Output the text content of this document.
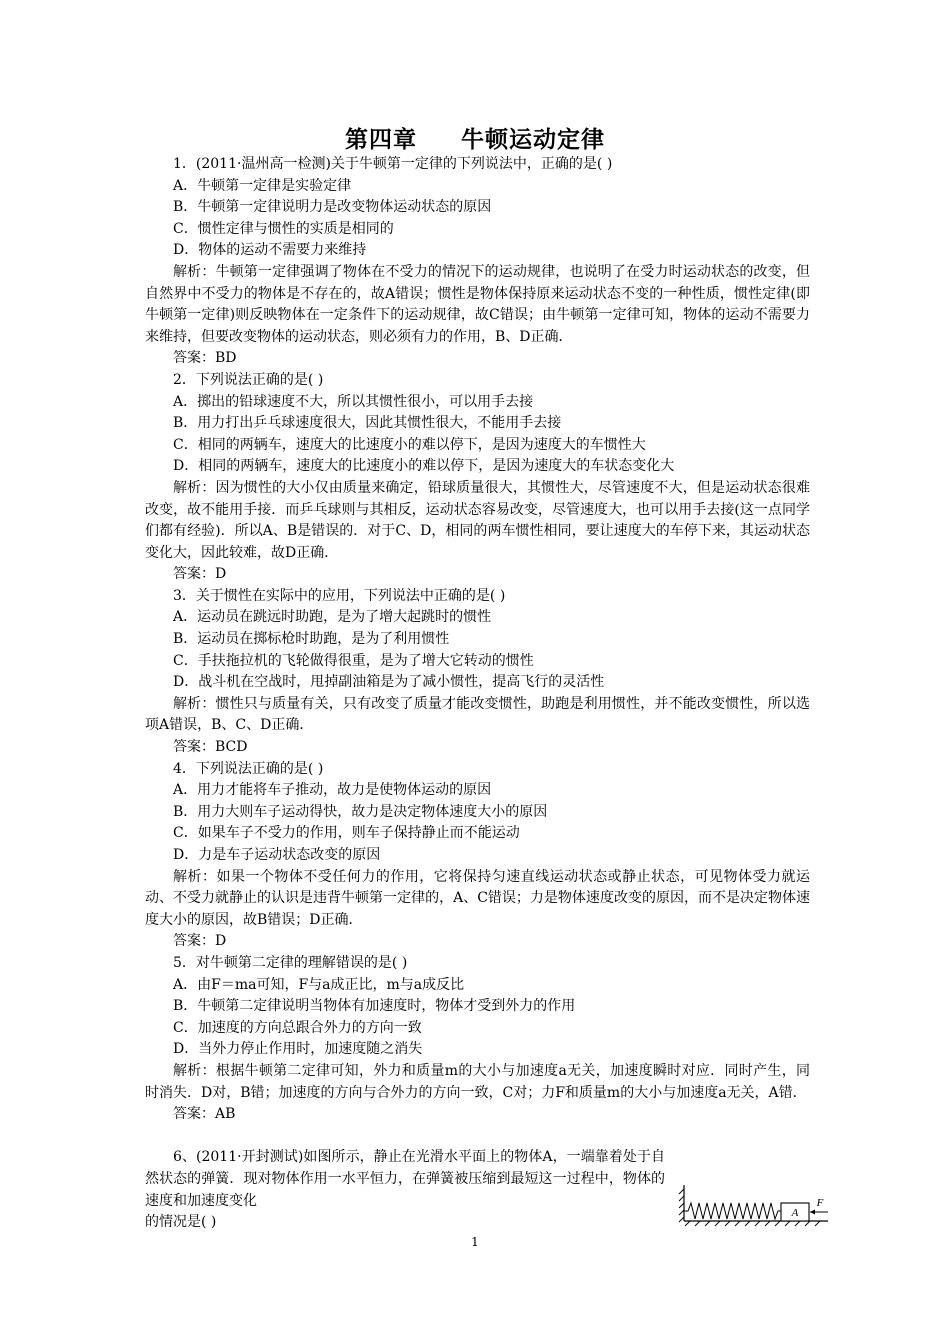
第四章 牛顿运动定律

1．(2011·温州高一检测)关于牛顿第一定律的下列说法中，正确的是( )

A．牛顿第一定律是实验定律

B．牛顿第一定律说明力是改变物体运动状态的原因

C．惯性定律与惯性的实质是相同的

D．物体的运动不需要力来维持

解析：牛顿第一定律强调了物体在不受力的情况下的运动规律，也说明了在受力时运动状态的改变，但自然界中不受力的物体是不存在的，故A错误；惯性是物体保持原来运动状态不变的一种性质，惯性定律(即牛顿第一定律)则反映物体在一定条件下的运动规律，故C错误；由牛顿第一定律可知，物体的运动不需要力来维持，但要改变物体的运动状态，则必须有力的作用，B、D正确．

答案：BD

2．下列说法正确的是( )

A．掷出的铅球速度不大，所以其惯性很小，可以用手去接

B．用力打出乒乓球速度很大，因此其惯性很大，不能用手去接

C．相同的两辆车，速度大的比速度小的难以停下，是因为速度大的车惯性大

D．相同的两辆车，速度大的比速度小的难以停下，是因为速度大的车状态变化大

解析：因为惯性的大小仅由质量来确定，铅球质量很大，其惯性大，尽管速度不大，但是运动状态很难改变，故不能用手接．而乒乓球则与其相反，运动状态容易改变，尽管速度大，也可以用手去接(这一点同学们都有经验)．所以A、B是错误的．对于C、D，相同的两车惯性相同，要让速度大的车停下来，其运动状态变化大，因此较难，故D正确．

答案：D

3．关于惯性在实际中的应用，下列说法中正确的是( )

A．运动员在跳远时助跑，是为了增大起跳时的惯性

B．运动员在掷标枪时助跑，是为了利用惯性

C．手扶拖拉机的飞轮做得很重，是为了增大它转动的惯性

D．战斗机在空战时，甩掉副油箱是为了减小惯性，提高飞行的灵活性

解析：惯性只与质量有关，只有改变了质量才能改变惯性，助跑是利用惯性，并不能改变惯性，所以选项A错误，B、C、D正确．

答案：BCD

4．下列说法正确的是( )

A．用力才能将车子推动，故力是使物体运动的原因

B．用力大则车子运动得快，故力是决定物体速度大小的原因

C．如果车子不受力的作用，则车子保持静止而不能运动

D．力是车子运动状态改变的原因

解析：如果一个物体不受任何力的作用，它将保持匀速直线运动状态或静止状态，可见物体受力就运动、不受力就静止的认识是违背牛顿第一定律的，A、C错误；力是物体速度改变的原因，而不是决定物体速度大小的原因，故B错误；D正确．

答案：D

5．对牛顿第二定律的理解错误的是( )

A．由F＝ma可知，F与a成正比，m与a成反比

B．牛顿第二定律说明当物体有加速度时，物体才受到外力的作用

C．加速度的方向总跟合外力的方向一致

D．当外力停止作用时，加速度随之消失

解析：根据牛顿第二定律可知，外力和质量m的大小与加速度a无关，加速度瞬时对应．同时产生，同时消失．D对，B错；加速度的方向与合外力的方向一致，C对；力F和质量m的大小与加速度a无关，A错．

答案：AB

6、(2011·开封测试)如图所示，静止在光滑水平面上的物体A，一端靠着处于自然状态的弹簧．现对物体作用一水平恒力，在弹簧被压缩到最短这一过程中，物体的速度和加速度变化

的情况是( )

A
F
1
